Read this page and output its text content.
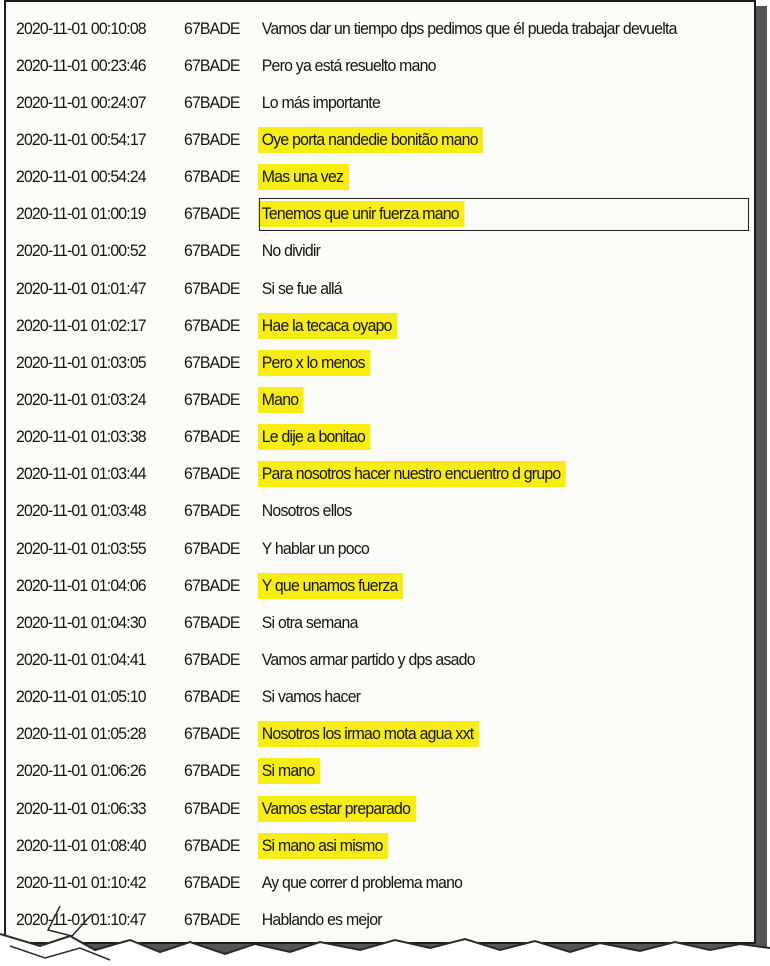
2020-11-01 00:10:08	67BADE Vamos dar un tiempo dps pedimos que él pueda trabajar devuelta
2020-11-01 00:23:46	67BADE Pero ya está resuelto mano
2020-11-01 00:24:07	67BADE Lo más importante
2020-11-01 00:54:17	67BADE Oye porta nandedie bonitão mano
2020-11-01 00:54:24	67BADE Mas una vez
2020-11-01 01:00:19	67BADE Tenemos que unir fuerza mano
2020-11-01 01:00:52	67BADE No dividir
2020-11-01 01:01:47	67BADE Si se fue allá
2020-11-01 01:02:17	67BADE Hae la tecaca oyapo
2020-11-01 01:03:05	67BADE Pero x lo menos
2020-11-01 01:03:24	67BADE Mano
2020-11-01 01:03:38	67BADE Le dije a bonitao
2020-11-01 01:03:44	67BADE Para nosotros hacer nuestro encuentro d grupo
2020-11-01 01:03:48	67BADE Nosotros ellos
2020-11-01 01:03:55	67BADE Y hablar un poco
2020-11-01 01:04:06	67BADE Y que unamos fuerza
2020-11-01 01:04:30	67BADE Si otra semana
2020-11-01 01:04:41	67BADE Vamos armar partido y dps asado
2020-11-01 01:05:10	67BADE Si vamos hacer
2020-11-01 01:05:28	67BADE Nosotros los irmao mota agua xxt
2020-11-01 01:06:26	67BADE Si mano
2020-11-01 01:06:33	67BADE Vamos estar preparado
2020-11-01 01:08:40	67BADE Si mano asi mismo
2020-11-01 01:10:42	67BADE Ay que correr d problema mano
2020-11-01 01:10:47	67BADE Hablando es mejor
